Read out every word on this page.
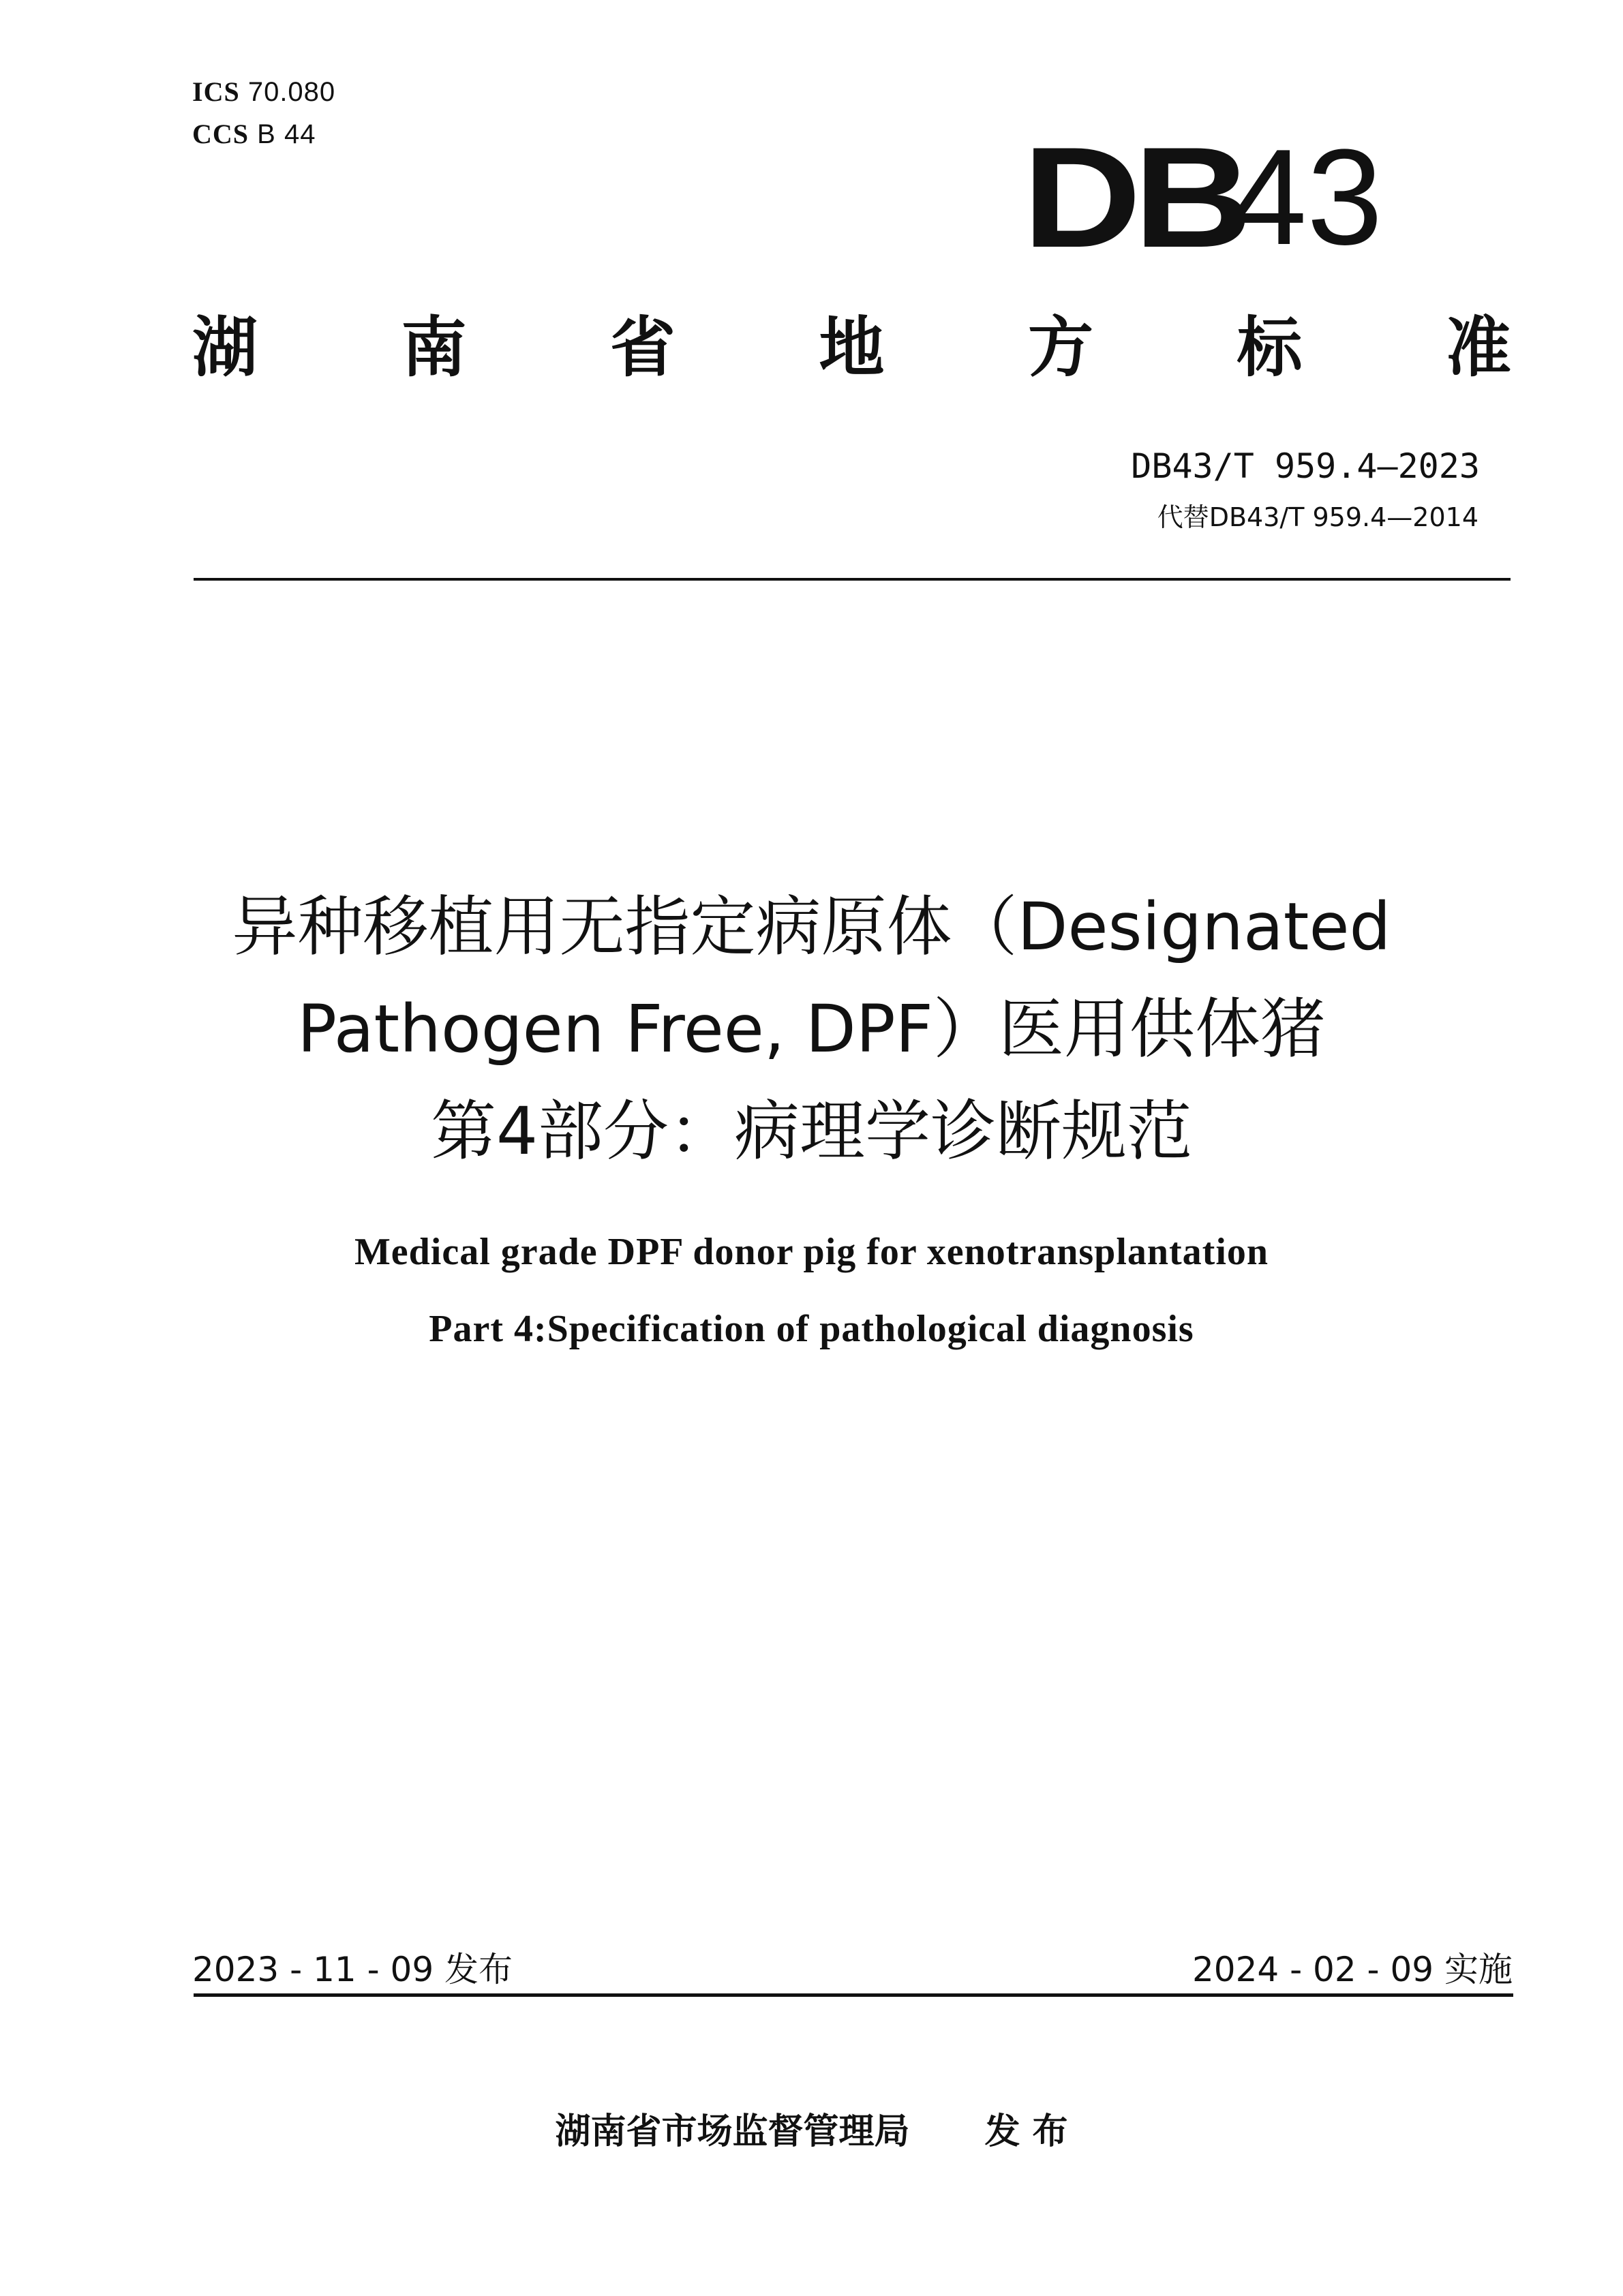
ICS 70.080
CCS B 44	DB
43
湖 南 省 地 方 标 准
DB43/T 959.4—2023
代替DB43/T 959.4—2014
异种移植用无指定病原体（Designated
Pathogen Free, DPF）医用供体猪
第4部分：病理学诊断规范
Medical grade DPF donor pig for xenotransplantation
Part 4:Specification of pathological diagnosis
2023 - 11 - 09 发布	2024 - 02 - 09 实施
湖南省市场监督管理局 发 布
